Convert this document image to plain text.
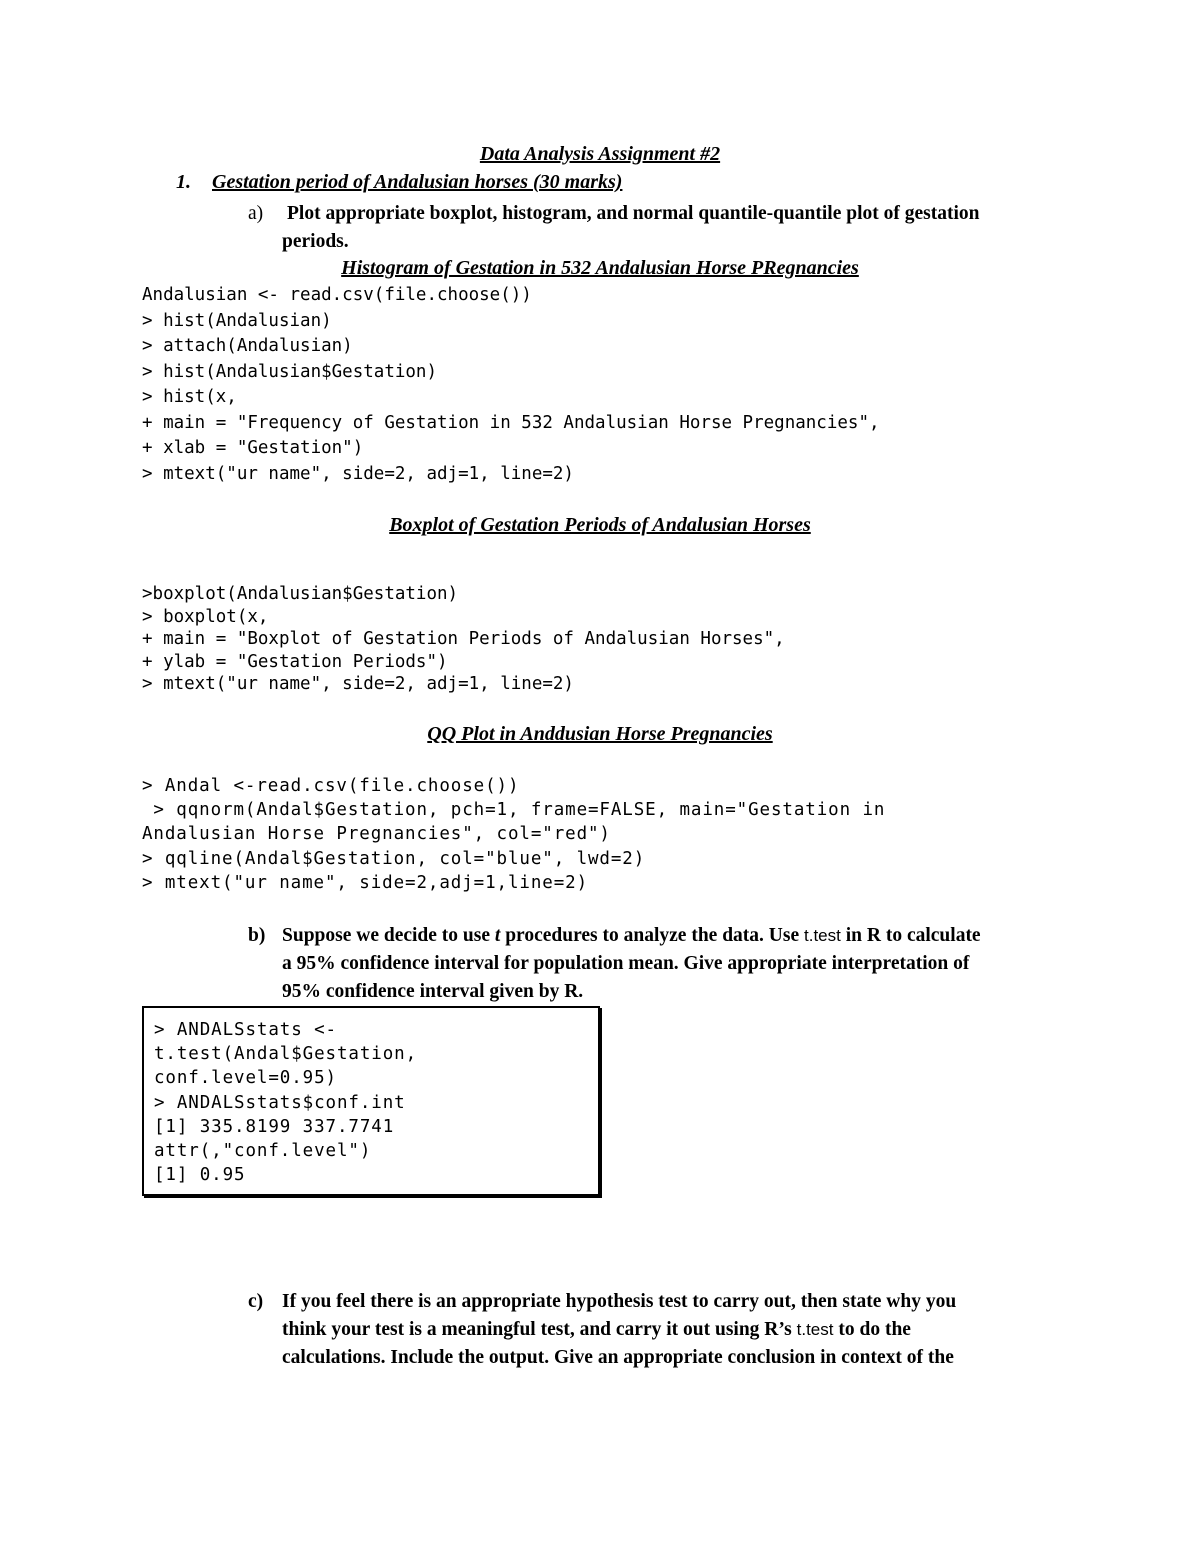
Data Analysis Assignment #2
1. Gestation period of Andalusian horses (30 marks)
a) Plot appropriate boxplot, histogram, and normal quantile-quantile plot of gestation
periods.
Histogram of Gestation in 532 Andalusian Horse PRegnancies
Andalusian <- read.csv(file.choose())
> hist(Andalusian)
> attach(Andalusian)
> hist(Andalusian$Gestation)
> hist(x,
+ main = "Frequency of Gestation in 532 Andalusian Horse Pregnancies",
+ xlab = "Gestation")
> mtext("ur name", side=2, adj=1, line=2)
Boxplot of Gestation Periods of Andalusian Horses
>boxplot(Andalusian$Gestation)
> boxplot(x,
+ main = "Boxplot of Gestation Periods of Andalusian Horses",
+ ylab = "Gestation Periods")
> mtext("ur name", side=2, adj=1, line=2)
QQ Plot in Anddusian Horse Pregnancies
> Andal <-read.csv(file.choose())
> qqnorm(Andal$Gestation, pch=1, frame=FALSE, main="Gestation in
Andalusian Horse Pregnancies", col="red")
> qqline(Andal$Gestation, col="blue", lwd=2)
> mtext("ur name", side=2,adj=1,line=2)
b) Suppose we decide to use t procedures to analyze the data. Use t.test in R to calculate
a 95% confidence interval for population mean. Give appropriate interpretation of
95% confidence interval given by R.
> ANDALSstats <-
t.test(Andal$Gestation,
conf.level=0.95)
> ANDALSstats$conf.int
[1] 335.8199 337.7741
attr(,"conf.level")
[1] 0.95
c) If you feel there is an appropriate hypothesis test to carry out, then state why you
think your test is a meaningful test, and carry it out using R’s t.test to do the
calculations. Include the output. Give an appropriate conclusion in context of the
